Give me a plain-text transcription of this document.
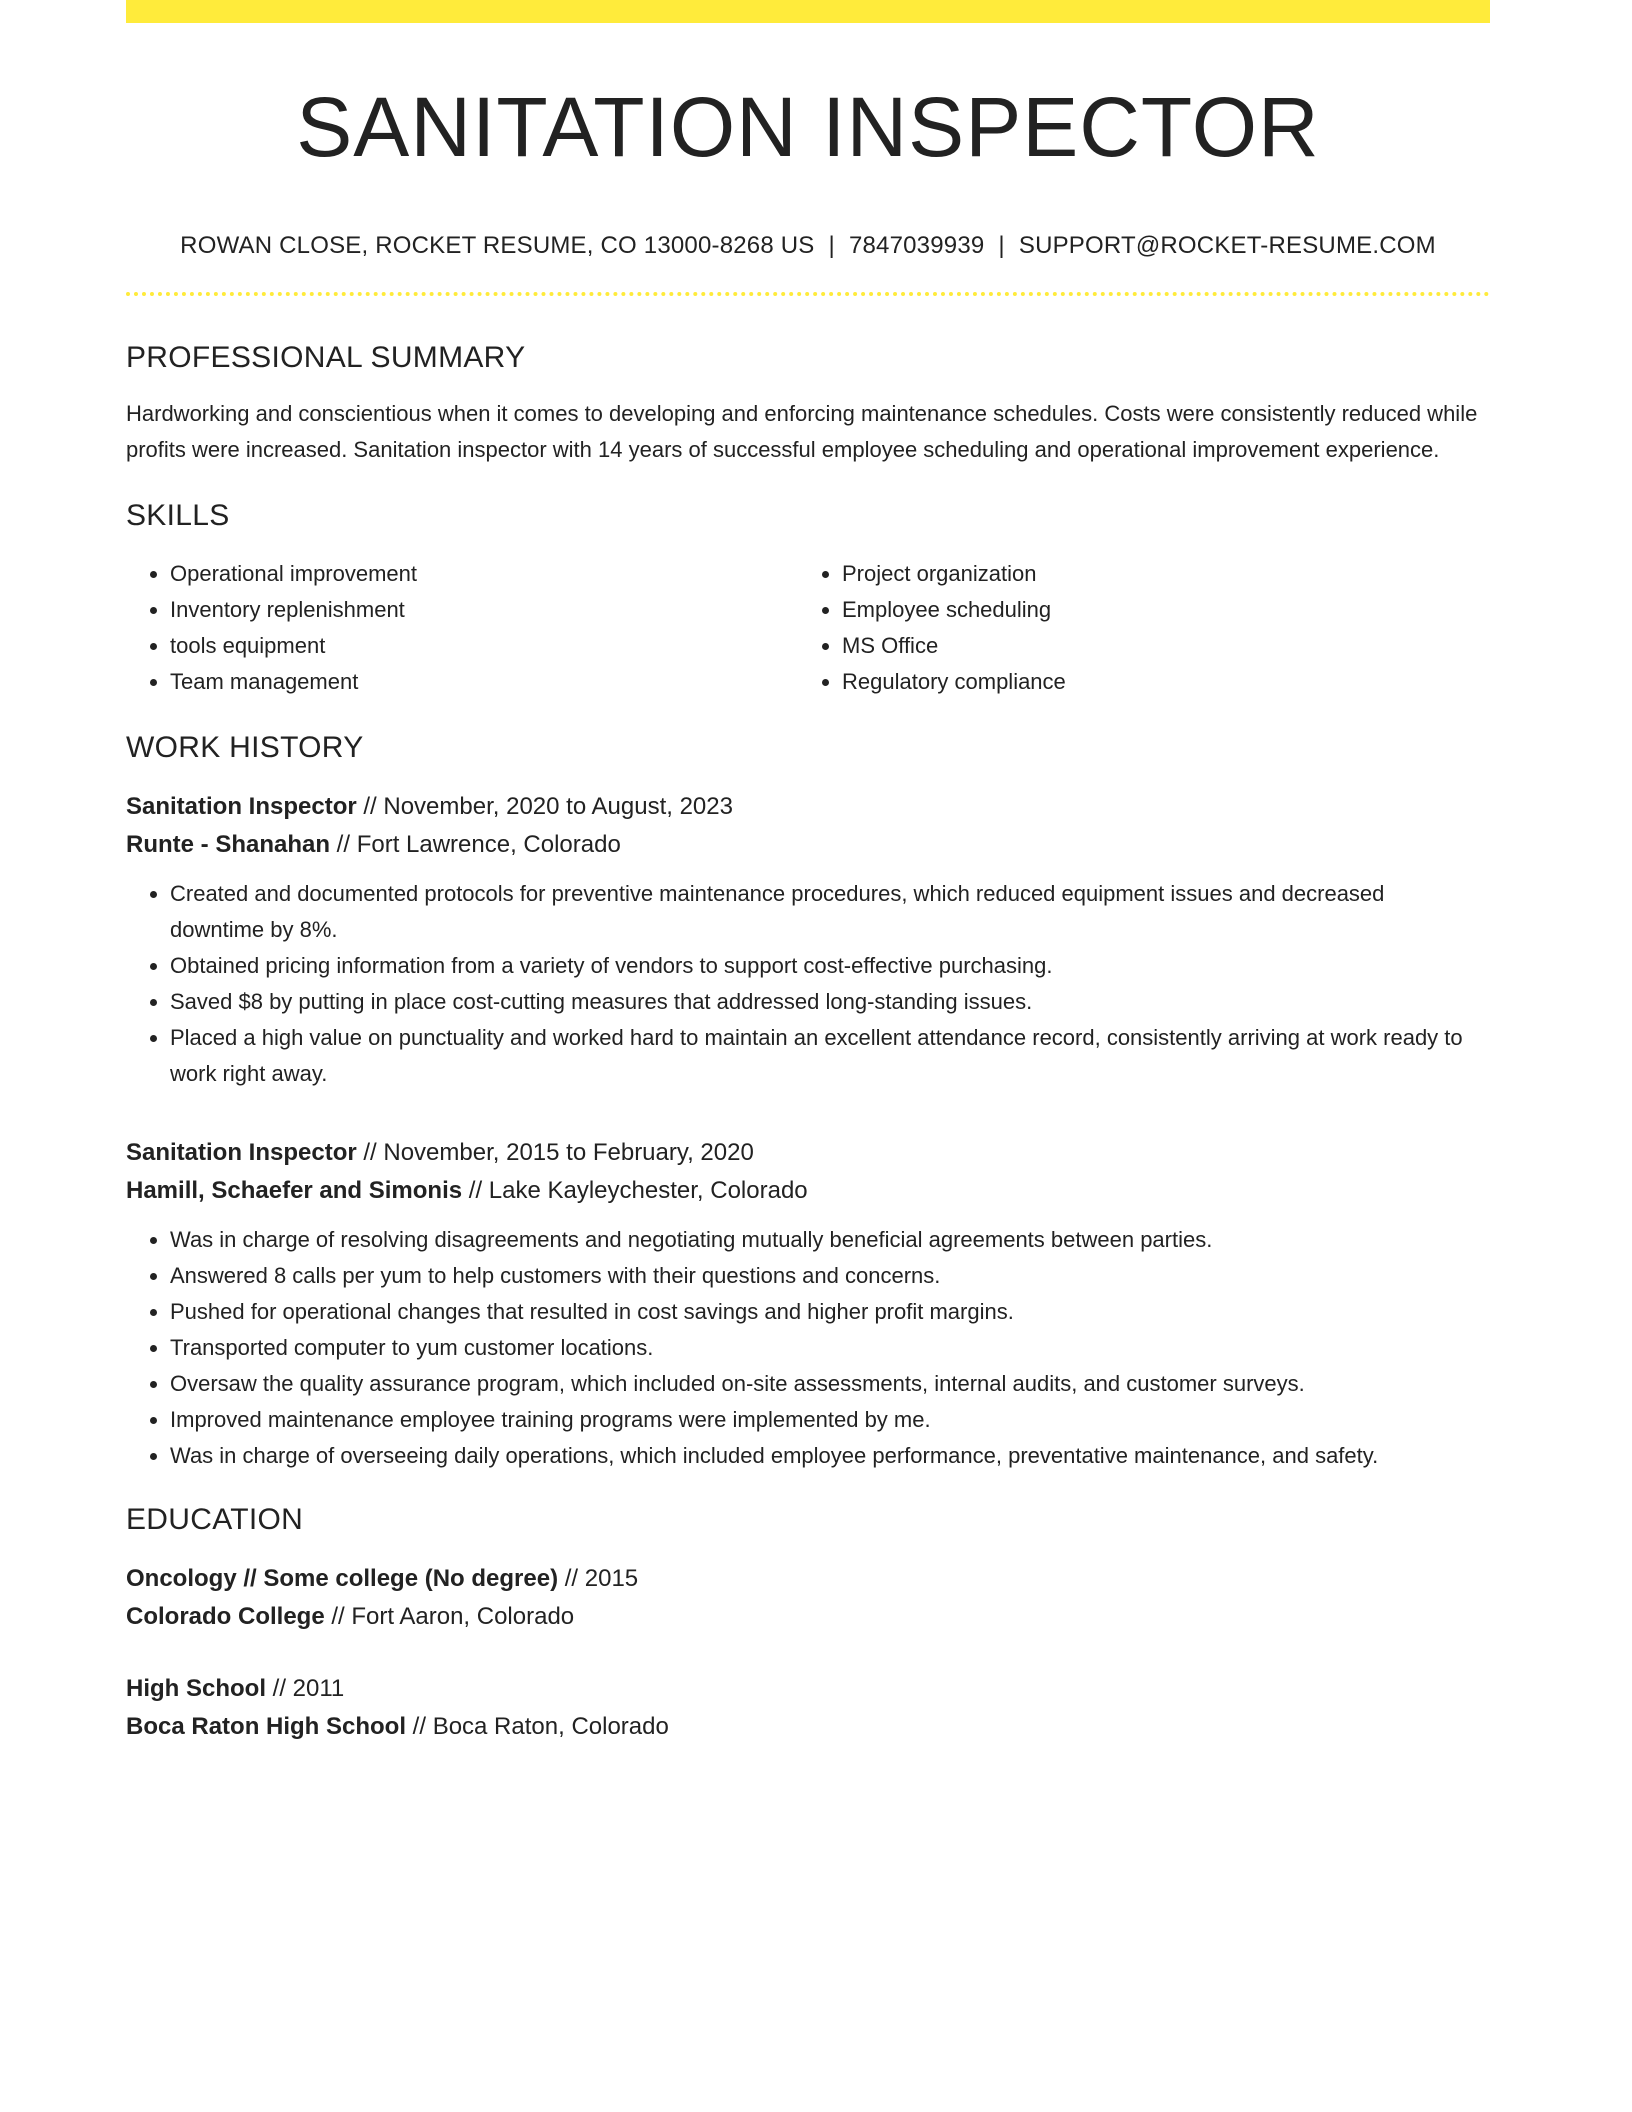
SANITATION INSPECTOR
ROWAN CLOSE, ROCKET RESUME, CO 13000-8268 US | 7847039939 | SUPPORT@ROCKET-RESUME.COM
PROFESSIONAL SUMMARY
Hardworking and conscientious when it comes to developing and enforcing maintenance schedules. Costs were consistently reduced while profits were increased. Sanitation inspector with 14 years of successful employee scheduling and operational improvement experience.
SKILLS
• Operational improvement
• Inventory replenishment
• tools equipment
• Team management
• Project organization
• Employee scheduling
• MS Office
• Regulatory compliance
WORK HISTORY
Sanitation Inspector // November, 2020 to August, 2023
Runte - Shanahan // Fort Lawrence, Colorado
• Created and documented protocols for preventive maintenance procedures, which reduced equipment issues and decreased downtime by 8%.
• Obtained pricing information from a variety of vendors to support cost-effective purchasing.
• Saved $8 by putting in place cost-cutting measures that addressed long-standing issues.
• Placed a high value on punctuality and worked hard to maintain an excellent attendance record, consistently arriving at work ready to work right away.
Sanitation Inspector // November, 2015 to February, 2020
Hamill, Schaefer and Simonis // Lake Kayleychester, Colorado
• Was in charge of resolving disagreements and negotiating mutually beneficial agreements between parties.
• Answered 8 calls per yum to help customers with their questions and concerns.
• Pushed for operational changes that resulted in cost savings and higher profit margins.
• Transported computer to yum customer locations.
• Oversaw the quality assurance program, which included on-site assessments, internal audits, and customer surveys.
• Improved maintenance employee training programs were implemented by me.
• Was in charge of overseeing daily operations, which included employee performance, preventative maintenance, and safety.
EDUCATION
Oncology // Some college (No degree) // 2015
Colorado College // Fort Aaron, Colorado
High School // 2011
Boca Raton High School // Boca Raton, Colorado
